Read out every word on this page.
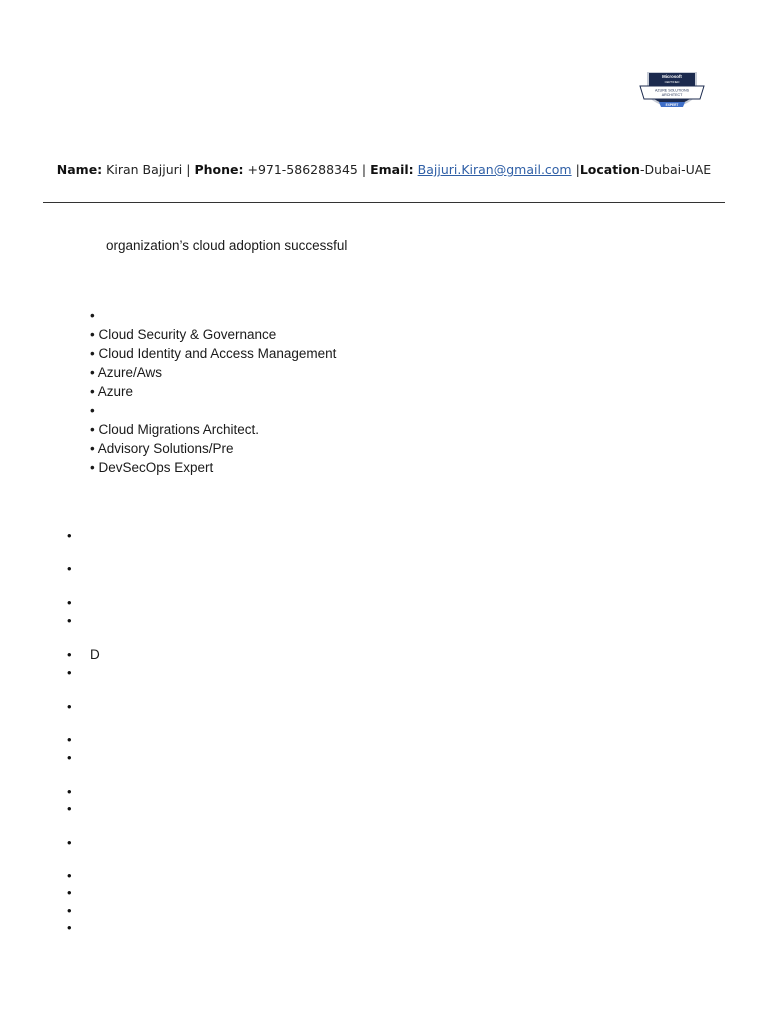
Microsoft
CERTIFIED
AZURE SOLUTIONS
ARCHITECT
EXPERT
★ ★ ★
Name: Kiran Bajjuri | Phone: +971-586288345 | Email: Bajjuri.Kiran@gmail.com |Location-Dubai-UAE
organization’s cloud adoption successful
•
• Cloud Security & Governance
• Cloud Identity and Access Management
• Azure/Aws
• Azure
•
• Cloud Migrations Architect.
• Advisory Solutions/Pre
• DevSecOps Expert
•
•
•
•
• D
•
•
•
•
•
•
•
•
•
•
•
